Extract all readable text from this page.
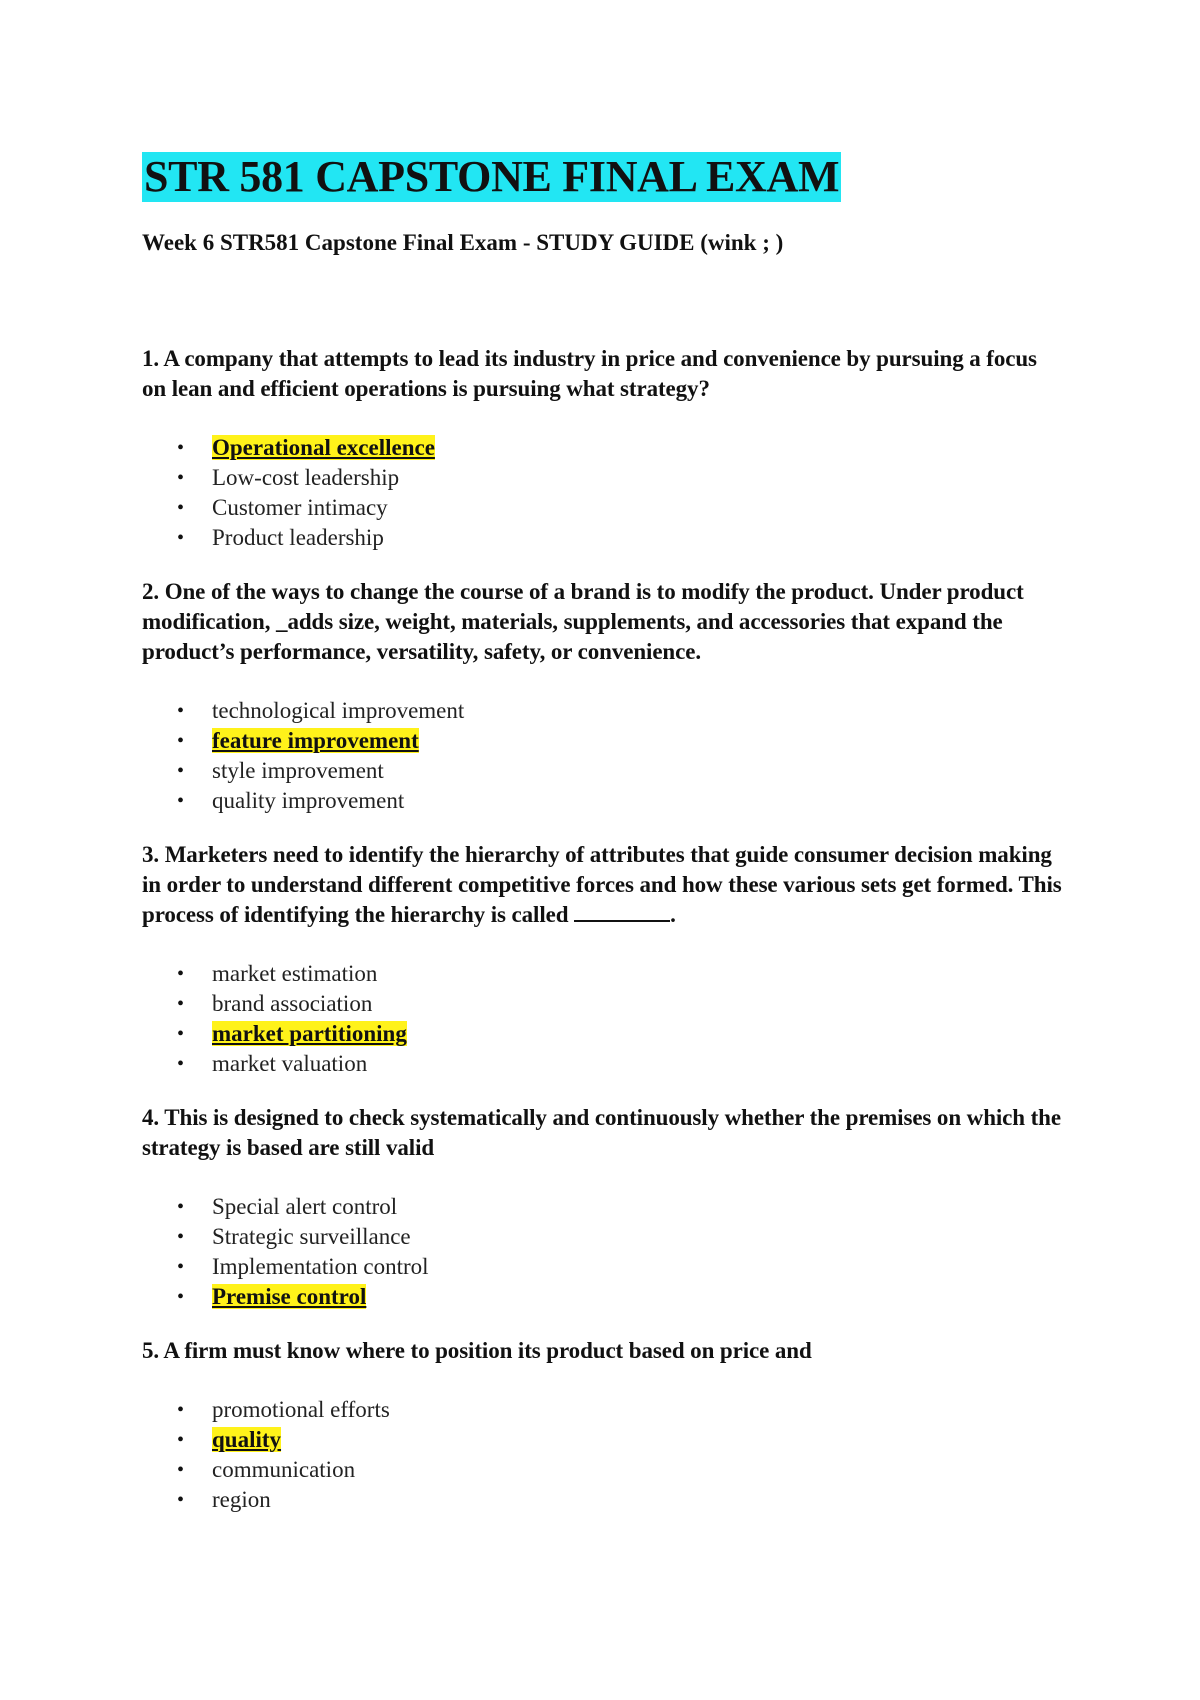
STR 581 CAPSTONE FINAL EXAM

Week 6 STR581 Capstone Final Exam - STUDY GUIDE (wink ; )

1. A company that attempts to lead its industry in price and convenience by pursuing a focus on lean and efficient operations is pursuing what strategy?

• Operational excellence
• Low-cost leadership
• Customer intimacy
• Product leadership

2. One of the ways to change the course of a brand is to modify the product. Under product modification, _adds size, weight, materials, supplements, and accessories that expand the product’s performance, versatility, safety, or convenience.

• technological improvement
• feature improvement
• style improvement
• quality improvement

3. Marketers need to identify the hierarchy of attributes that guide consumer decision making in order to understand different competitive forces and how these various sets get formed. This process of identifying the hierarchy is called	.

• market estimation
• brand association
• market partitioning
• market valuation

4. This is designed to check systematically and continuously whether the premises on which the strategy is based are still valid

• Special alert control
• Strategic surveillance
• Implementation control
• Premise control

5. A firm must know where to position its product based on price and

• promotional efforts
• quality
• communication
• region
